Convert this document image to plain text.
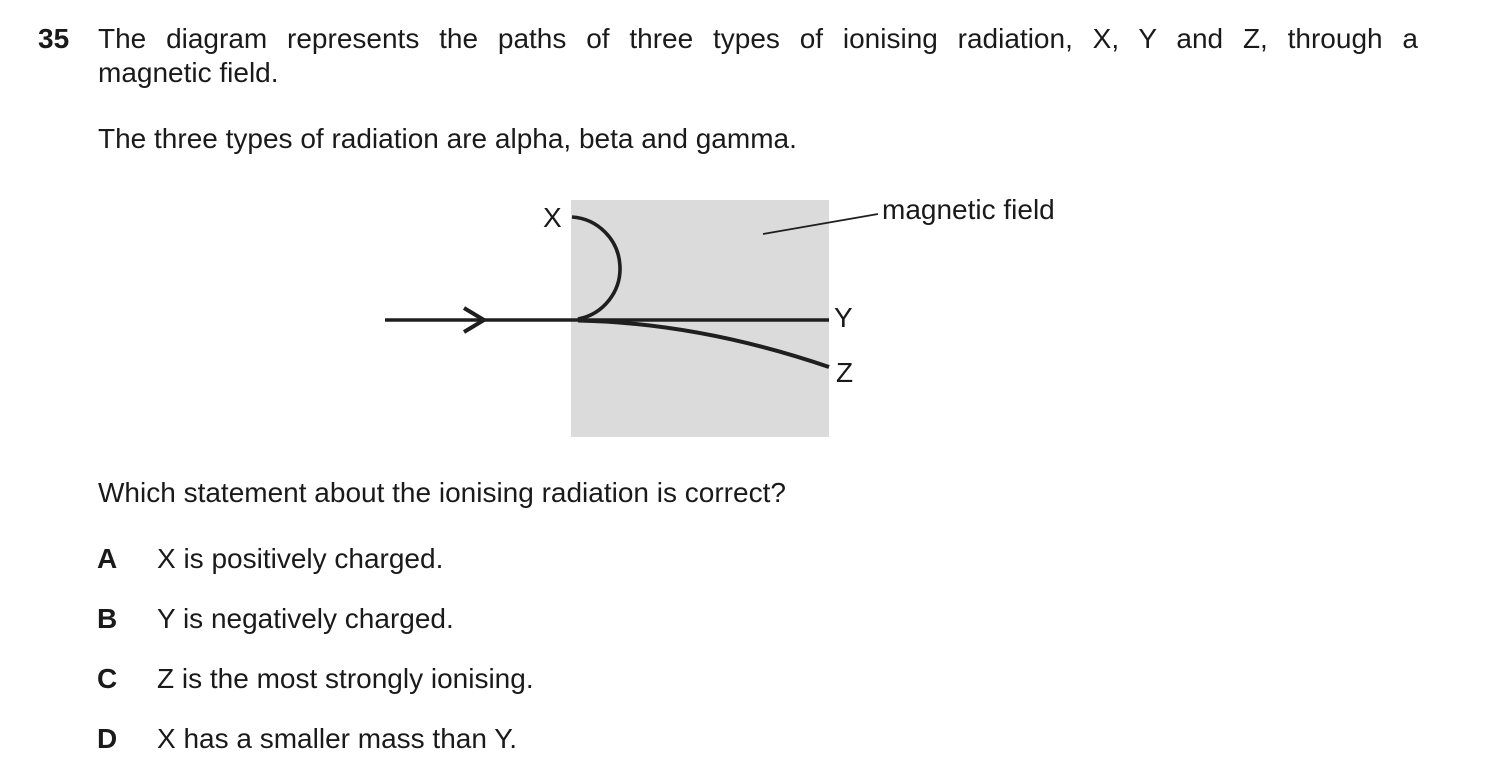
35 The diagram represents the paths of three types of ionising radiation, X, Y and Z, through a
magnetic field.
The three types of radiation are alpha, beta and gamma.
X
Y
Z
magnetic field
Which statement about the ionising radiation is correct?
A X is positively charged.
B Y is negatively charged.
C Z is the most strongly ionising.
D X has a smaller mass than Y.
